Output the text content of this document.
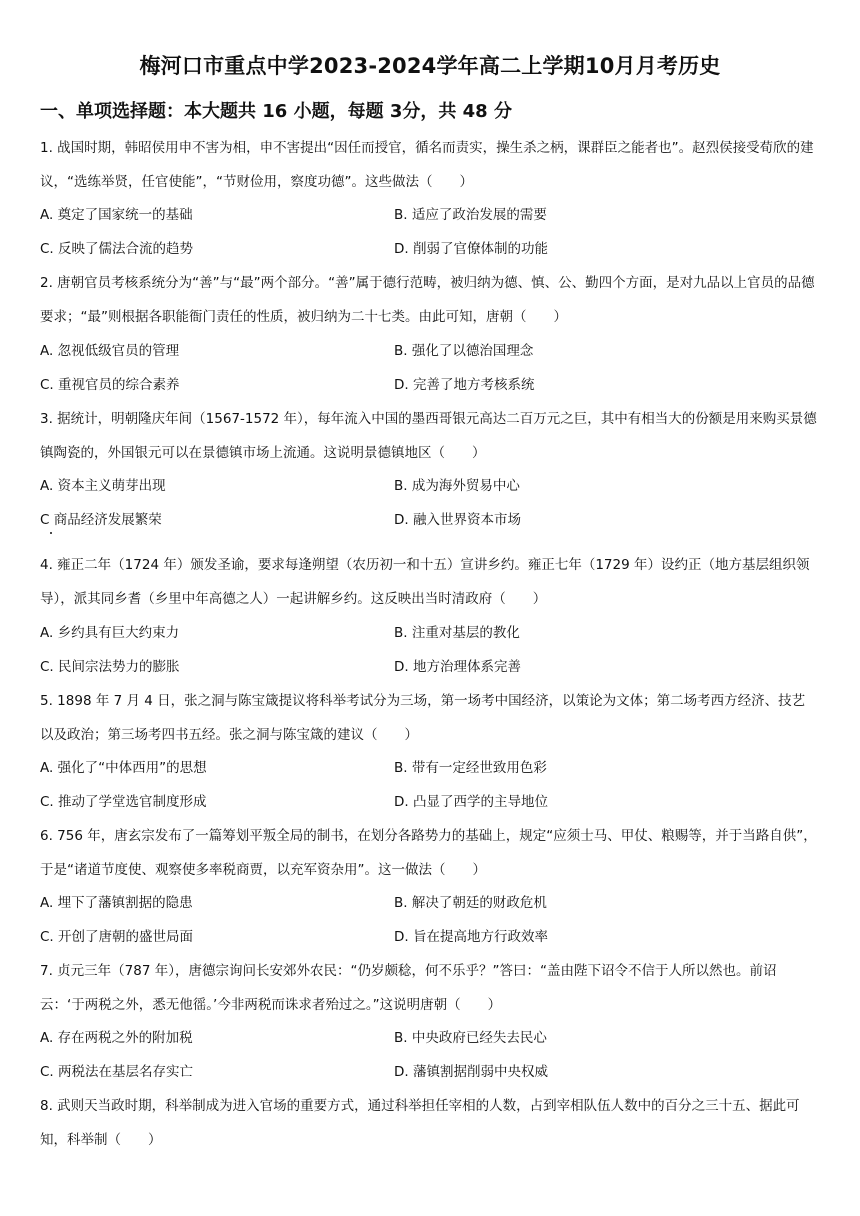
梅河口市重点中学2023-2024学年高二上学期10月月考历史
一、单项选择题：本大题共 16 小题，每题 3分，共 48 分
1. 战国时期，韩昭侯用申不害为相，申不害提出“因任而授官，循名而责实，操生杀之柄，课群臣之能者也”。赵烈侯接受荀欣的建议，“选练举贤，任官使能”，“节财俭用，察度功德”。这些做法（　　）
A. 奠定了国家统一的基础	B. 适应了政治发展的需要
C. 反映了儒法合流的趋势	D. 削弱了官僚体制的功能
2. 唐朝官员考核系统分为“善”与“最”两个部分。“善”属于德行范畴，被归纳为德、慎、公、勤四个方面，是对九品以上官员的品德要求；“最”则根据各职能衙门责任的性质，被归纳为二十七类。由此可知，唐朝（　　）
A. 忽视低级官员的管理	B. 强化了以德治国理念
C. 重视官员的综合素养	D. 完善了地方考核系统
3. 据统计，明朝隆庆年间（1567-1572 年），每年流入中国的墨西哥银元高达二百万元之巨，其中有相当大的份额是用来购买景德镇陶瓷的，外国银元可以在景德镇市场上流通。这说明景德镇地区（　　）
A. 资本主义萌芽出现	B. 成为海外贸易中心
C 商品经济发展繁荣	D. 融入世界资本市场
4. 雍正二年（1724 年）颁发圣谕，要求每逢朔望（农历初一和十五）宣讲乡约。雍正七年（1729 年）设约正（地方基层组织领导），派其同乡耆（乡里中年高德之人）一起讲解乡约。这反映出当时清政府（　　）
A. 乡约具有巨大约束力	B. 注重对基层的教化
C. 民间宗法势力的膨胀	D. 地方治理体系完善
5. 1898 年 7 月 4 日，张之洞与陈宝箴提议将科举考试分为三场，第一场考中国经济，以策论为文体；第二场考西方经济、技艺以及政治；第三场考四书五经。张之洞与陈宝箴的建议（　　）
A. 强化了“中体西用”的思想	B. 带有一定经世致用色彩
C. 推动了学堂选官制度形成	D. 凸显了西学的主导地位
6. 756 年，唐玄宗发布了一篇筹划平叛全局的制书，在划分各路势力的基础上，规定“应须士马、甲仗、粮赐等，并于当路自供”，于是“诸道节度使、观察使多率税商贾，以充军资杂用”。这一做法（　　）
A. 埋下了藩镇割据的隐患	B. 解决了朝廷的财政危机
C. 开创了唐朝的盛世局面	D. 旨在提高地方行政效率
7. 贞元三年（787 年），唐德宗询问长安郊外农民：“仍岁颇稔，何不乐乎？”答曰：“盖由陛下诏令不信于人所以然也。前诏云：‘于两税之外，悉无他徭。’今非两税而诛求者殆过之。”这说明唐朝（　　）
A. 存在两税之外的附加税	B. 中央政府已经失去民心
C. 两税法在基层名存实亡	D. 藩镇割据削弱中央权威
8. 武则天当政时期，科举制成为进入官场的重要方式，通过科举担任宰相的人数，占到宰相队伍人数中的百分之三十五、据此可知，科举制（　　）
